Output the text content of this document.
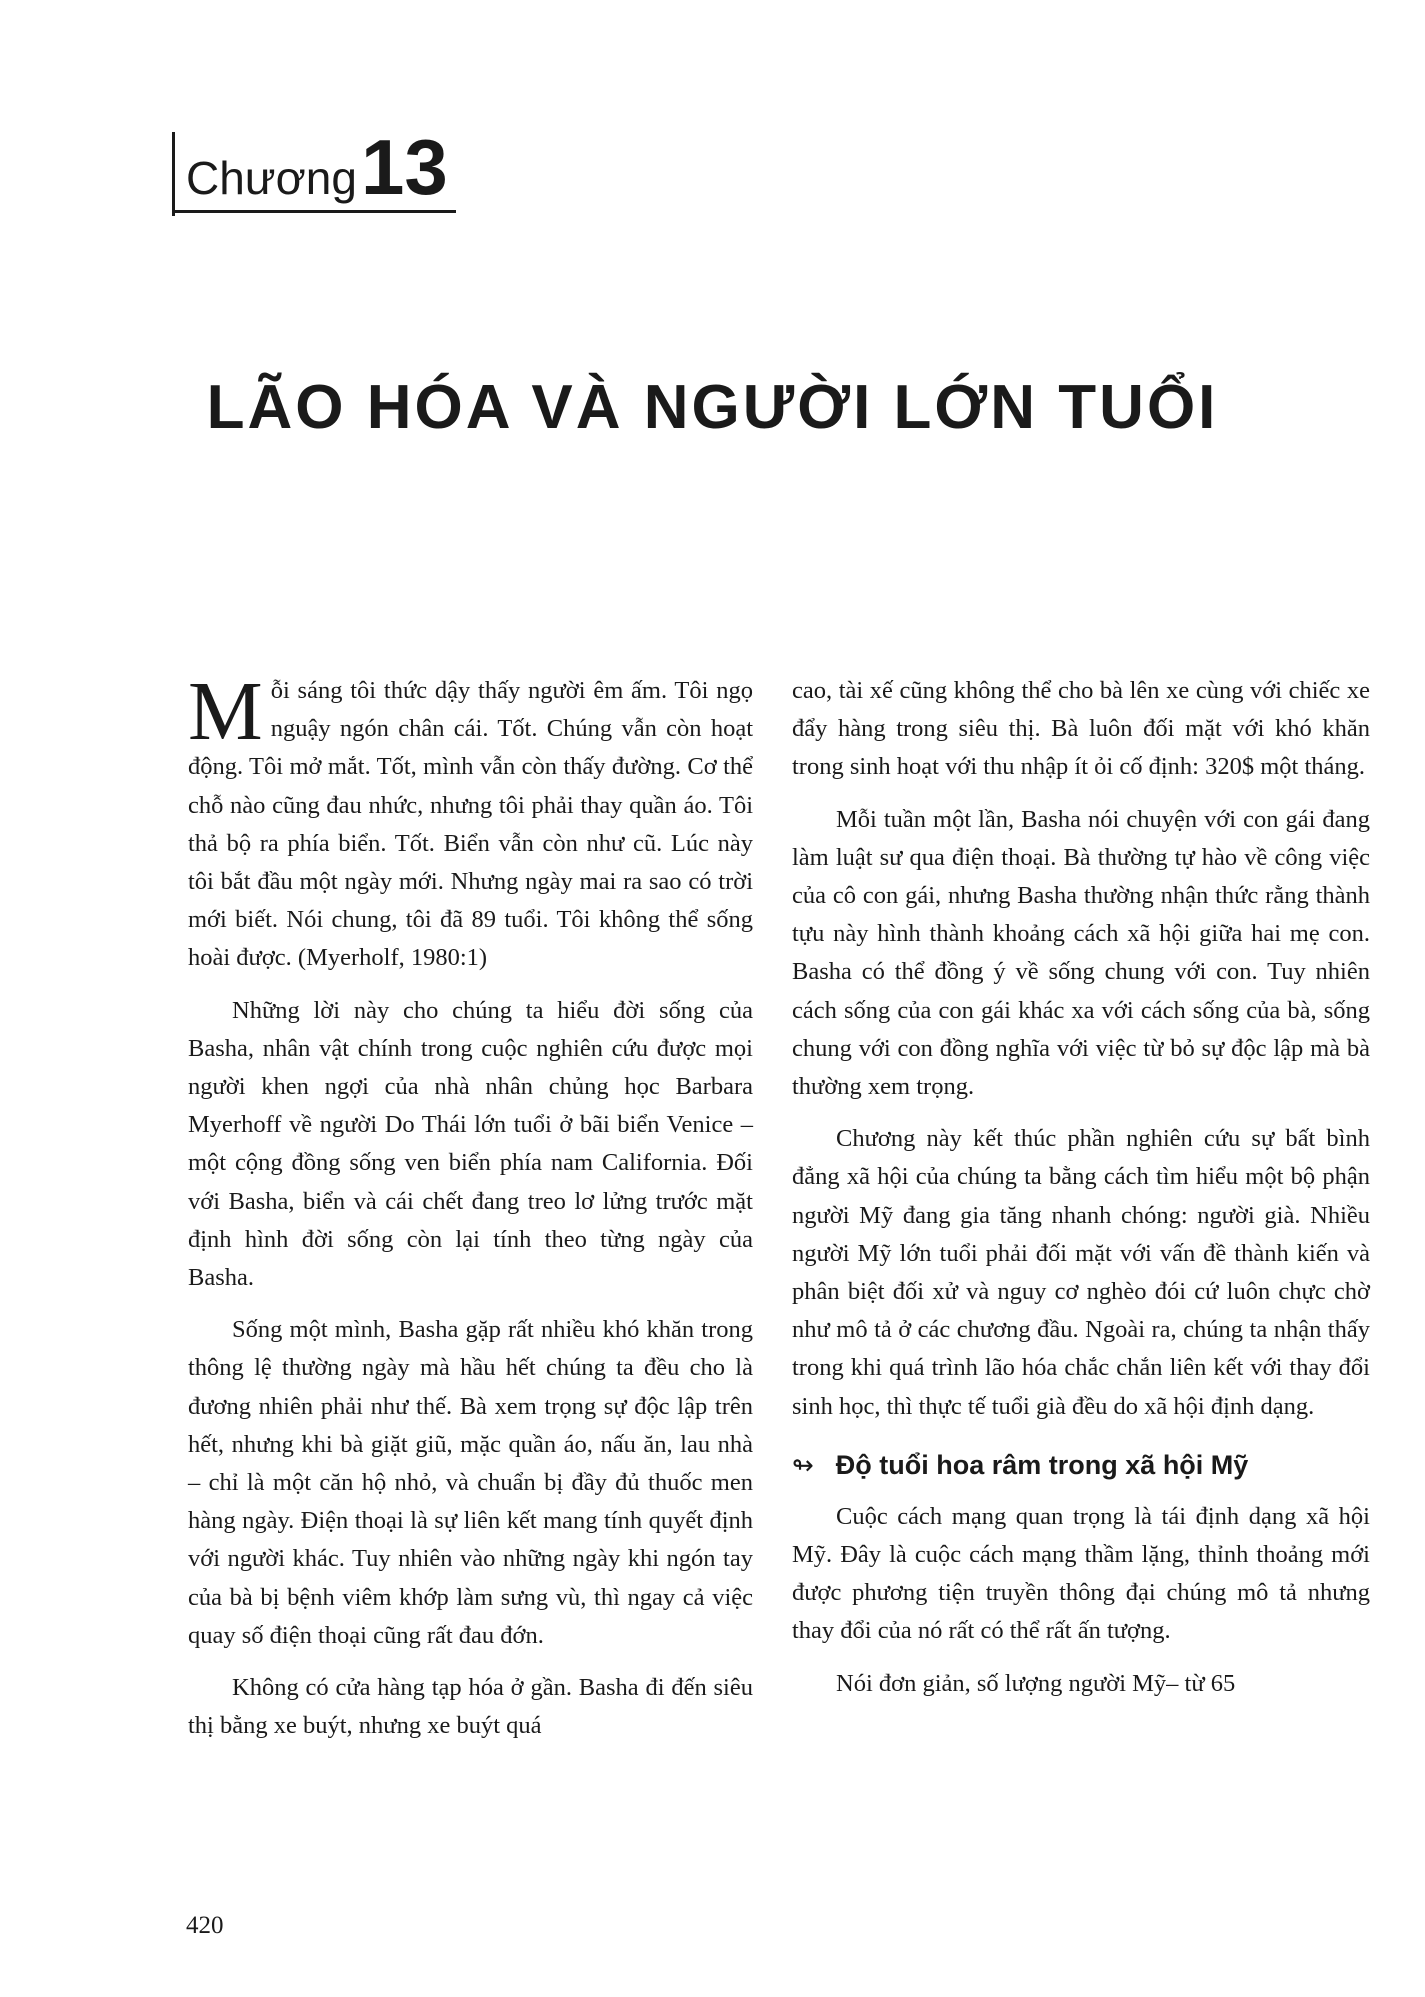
Chương 13
LÃO HÓA VÀ NGƯỜI LỚN TUỔI

Mỗi sáng tôi thức dậy thấy người êm ấm. Tôi ngọ nguậy ngón chân cái. Tốt. Chúng vẫn còn hoạt động. Tôi mở mắt. Tốt, mình vẫn còn thấy đường. Cơ thể chỗ nào cũng đau nhức, nhưng tôi phải thay quần áo. Tôi thả bộ ra phía biển. Tốt. Biển vẫn còn như cũ. Lúc này tôi bắt đầu một ngày mới. Nhưng ngày mai ra sao có trời mới biết. Nói chung, tôi đã 89 tuổi. Tôi không thể sống hoài được. (Myerholf, 1980:1)

Những lời này cho chúng ta hiểu đời sống của Basha, nhân vật chính trong cuộc nghiên cứu được mọi người khen ngợi của nhà nhân chủng học Barbara Myerhoff về người Do Thái lớn tuổi ở bãi biển Venice – một cộng đồng sống ven biển phía nam California. Đối với Basha, biển và cái chết đang treo lơ lửng trước mặt định hình đời sống còn lại tính theo từng ngày của Basha.

Sống một mình, Basha gặp rất nhiều khó khăn trong thông lệ thường ngày mà hầu hết chúng ta đều cho là đương nhiên phải như thế. Bà xem trọng sự độc lập trên hết, nhưng khi bà giặt giũ, mặc quần áo, nấu ăn, lau nhà – chỉ là một căn hộ nhỏ, và chuẩn bị đầy đủ thuốc men hàng ngày. Điện thoại là sự liên kết mang tính quyết định với người khác. Tuy nhiên vào những ngày khi ngón tay của bà bị bệnh viêm khớp làm sưng vù, thì ngay cả việc quay số điện thoại cũng rất đau đớn.

Không có cửa hàng tạp hóa ở gần. Basha đi đến siêu thị bằng xe buýt, nhưng xe buýt quá

cao, tài xế cũng không thể cho bà lên xe cùng với chiếc xe đẩy hàng trong siêu thị. Bà luôn đối mặt với khó khăn trong sinh hoạt với thu nhập ít ỏi cố định: 320$ một tháng.

Mỗi tuần một lần, Basha nói chuyện với con gái đang làm luật sư qua điện thoại. Bà thường tự hào về công việc của cô con gái, nhưng Basha thường nhận thức rằng thành tựu này hình thành khoảng cách xã hội giữa hai mẹ con. Basha có thể đồng ý về sống chung với con. Tuy nhiên cách sống của con gái khác xa với cách sống của bà, sống chung với con đồng nghĩa với việc từ bỏ sự độc lập mà bà thường xem trọng.

Chương này kết thúc phần nghiên cứu sự bất bình đẳng xã hội của chúng ta bằng cách tìm hiểu một bộ phận người Mỹ đang gia tăng nhanh chóng: người già. Nhiều người Mỹ lớn tuổi phải đối mặt với vấn đề thành kiến và phân biệt đối xử và nguy cơ nghèo đói cứ luôn chực chờ như mô tả ở các chương đầu. Ngoài ra, chúng ta nhận thấy trong khi quá trình lão hóa chắc chắn liên kết với thay đổi sinh học, thì thực tế tuổi già đều do xã hội định dạng.

↬ Độ tuổi hoa râm trong xã hội Mỹ

Cuộc cách mạng quan trọng là tái định dạng xã hội Mỹ. Đây là cuộc cách mạng thầm lặng, thỉnh thoảng mới được phương tiện truyền thông đại chúng mô tả nhưng thay đổi của nó rất có thể rất ấn tượng.

Nói đơn giản, số lượng người Mỹ– từ 65

420
